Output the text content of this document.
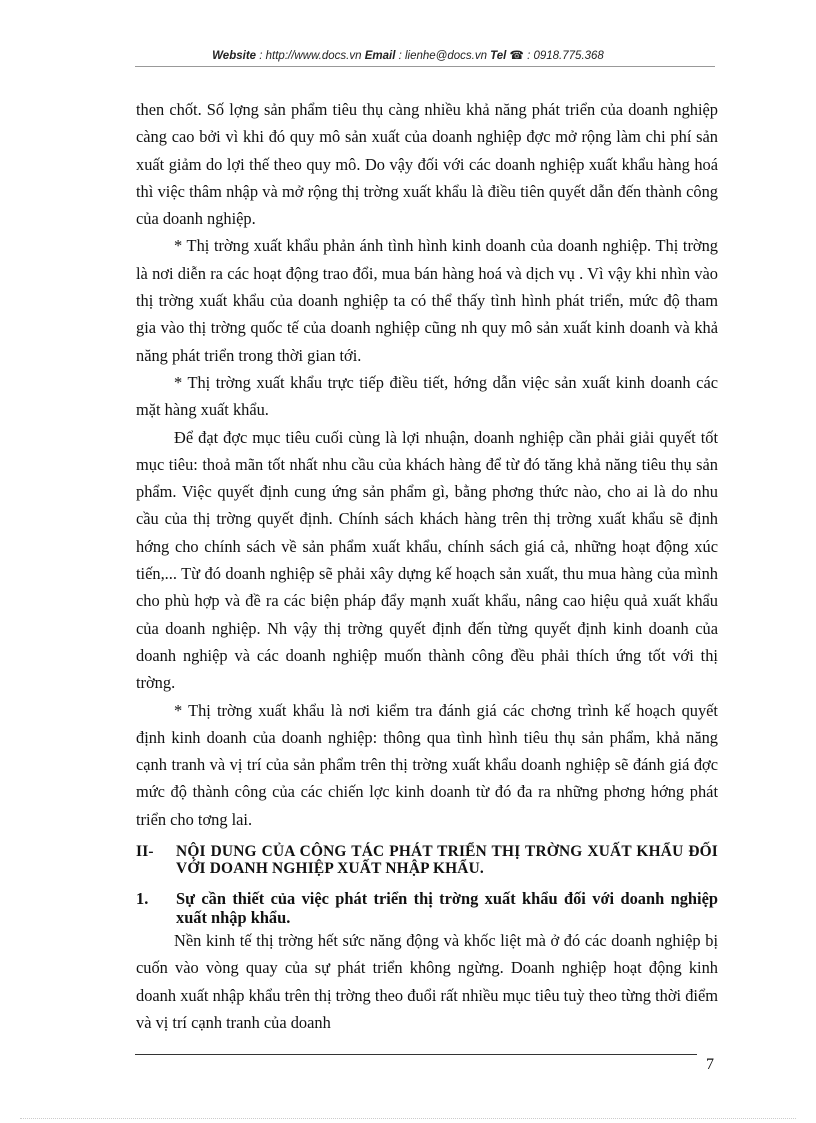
Website : http://www.docs.vn Email : lienhe@docs.vn Tel ☎ : 0918.775.368

then chốt. Số lợng sản phẩm tiêu thụ càng nhiều khả năng phát triển của doanh nghiệp càng cao bởi vì khi đó quy mô sản xuất của doanh nghiệp đợc mở rộng làm chi phí sản xuất giảm do lợi thế theo quy mô. Do vậy đối với các doanh nghiệp xuất khẩu hàng hoá thì việc thâm nhập và mở rộng thị trờng xuất khẩu là điều tiên quyết dẫn đến thành công của doanh nghiệp.

* Thị trờng xuất khẩu phản ánh tình hình kinh doanh của doanh nghiệp. Thị trờng là nơi diễn ra các hoạt động trao đổi, mua bán hàng hoá và dịch vụ . Vì vậy khi nhìn vào thị trờng xuất khẩu của doanh nghiệp ta có thể thấy tình hình phát triển, mức độ tham gia vào thị trờng quốc tế của doanh nghiệp cũng nh quy mô sản xuất kinh doanh và khả năng phát triển trong thời gian tới.

* Thị trờng xuất khẩu trực tiếp điều tiết, hớng dẫn việc sản xuất kinh doanh các mặt hàng xuất khẩu.

Để đạt đợc mục tiêu cuối cùng là lợi nhuận, doanh nghiệp cần phải giải quyết tốt mục tiêu: thoả mãn tốt nhất nhu cầu của khách hàng để từ đó tăng khả năng tiêu thụ sản phẩm. Việc quyết định cung ứng sản phẩm gì, bằng phơng thức nào, cho ai là do nhu cầu của thị trờng quyết định. Chính sách khách hàng trên thị trờng xuất khẩu sẽ định hớng cho chính sách về sản phẩm xuất khẩu, chính sách giá cả, những hoạt động xúc tiến,... Từ đó doanh nghiệp sẽ phải xây dựng kế hoạch sản xuất, thu mua hàng của mình cho phù hợp và đề ra các biện pháp đẩy mạnh xuất khẩu, nâng cao hiệu quả xuất khẩu của doanh nghiệp. Nh vậy thị trờng quyết định đến từng quyết định kinh doanh của doanh nghiệp và các doanh nghiệp muốn thành công đều phải thích ứng tốt với thị trờng.

* Thị trờng xuất khẩu là nơi kiểm tra đánh giá các chơng trình kế hoạch quyết định kinh doanh của doanh nghiệp: thông qua tình hình tiêu thụ sản phẩm, khả năng cạnh tranh và vị trí của sản phẩm trên thị trờng xuất khẩu doanh nghiệp sẽ đánh giá đợc mức độ thành công của các chiến lợc kinh doanh từ đó đa ra những phơng hớng phát triển cho tơng lai.

II-	NỘI DUNG CỦA CÔNG TÁC PHÁT TRIỂN THỊ TRỜNG XUẤT KHẨU ĐỐI VỚI DOANH NGHIỆP XUẤT NHẬP KHẨU.
1.	Sự cần thiết của việc phát triển thị trờng xuất khẩu đối với doanh nghiệp xuất nhập khẩu.

Nền kinh tế thị trờng hết sức năng động và khốc liệt mà ở đó các doanh nghiệp bị cuốn vào vòng quay của sự phát triển không ngừng. Doanh nghiệp hoạt động kinh doanh xuất nhập khẩu trên thị trờng theo đuổi rất nhiều mục tiêu tuỳ theo từng thời điểm và vị trí cạnh tranh của doanh

7
